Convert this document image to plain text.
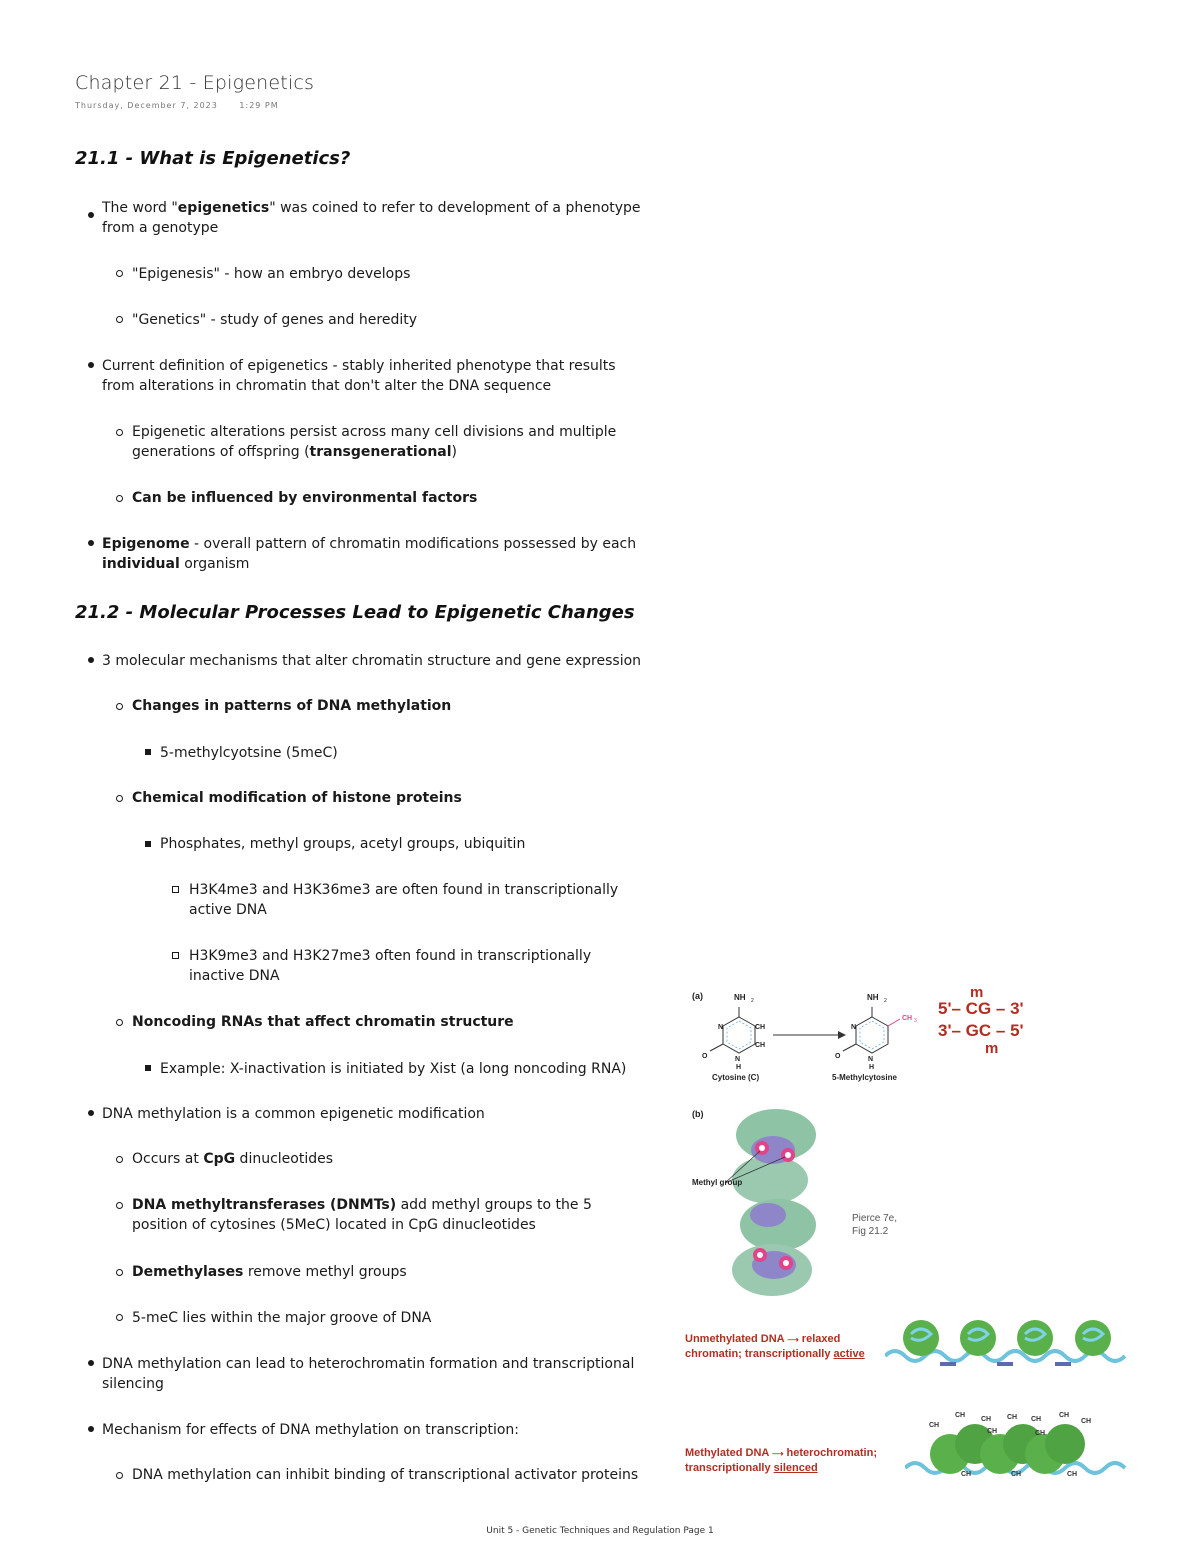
Chapter 21 - Epigenetics
Thursday, December 7, 2023	1:29 PM
21.1 - What is Epigenetics?
The word "epigenetics" was coined to refer to development of a phenotype from a genotype
"Epigenesis" - how an embryo develops
"Genetics" - study of genes and heredity
Current definition of epigenetics - stably inherited phenotype that results from alterations in chromatin that don't alter the DNA sequence
Epigenetic alterations persist across many cell divisions and multiple generations of offspring (transgenerational)
Can be influenced by environmental factors
Epigenome - overall pattern of chromatin modifications possessed by each individual organism
21.2 - Molecular Processes Lead to Epigenetic Changes
3 molecular mechanisms that alter chromatin structure and gene expression
Changes in patterns of DNA methylation
5-methylcyotsine (5meC)
Chemical modification of histone proteins
Phosphates, methyl groups, acetyl groups, ubiquitin
H3K4me3 and H3K36me3 are often found in transcriptionally active DNA
H3K9me3 and H3K27me3 often found in transcriptionally inactive DNA
Noncoding RNAs that affect chromatin structure
Example: X-inactivation is initiated by Xist (a long noncoding RNA)
DNA methylation is a common epigenetic modification
Occurs at CpG dinucleotides
DNA methyltransferases (DNMTs) add methyl groups to the 5 position of cytosines (5MeC) located in CpG dinucleotides
Demethylases remove methyl groups
5-meC lies within the major groove of DNA
DNA methylation can lead to heterochromatin formation and transcriptional silencing
Mechanism for effects of DNA methylation on transcription:
DNA methylation can inhibit binding of transcriptional activator proteins
(a)	NH 2
N	CH
CH
N
H
O
Cytosine (C)
NH 2
CH 3
N
N
H
O
5-Methylcytosine
m
5'– CG – 3'
3'– GC – 5'
m
(b)
Methyl group
Pierce 7e,
Fig 21.2
Unmethylated DNA ⟶ relaxed
chromatin; transcriptionally active
Methylated DNA ⟶ heterochromatin;
transcriptionally silenced
CH
CH CH CH
CH
CH
CH
CH	CH
CH	CH	CH
Unit 5 - Genetic Techniques and Regulation Page 1
